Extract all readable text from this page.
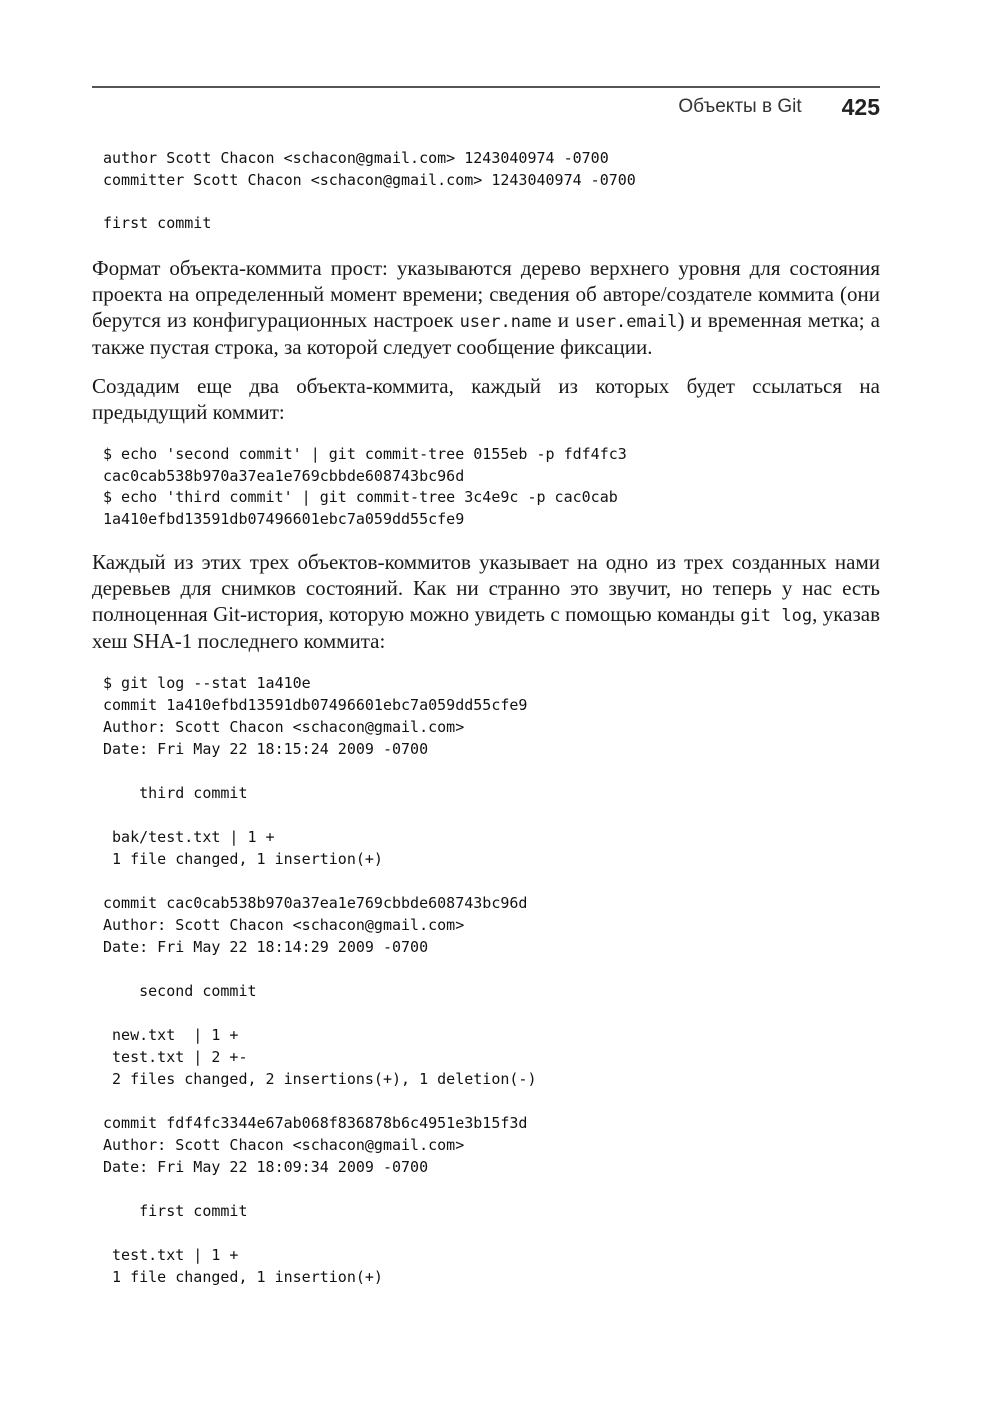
Объекты в Git 425
author Scott Chacon <schacon@gmail.com> 1243040974 -0700
committer Scott Chacon <schacon@gmail.com> 1243040974 -0700

first commit

Формат объекта-коммита прост: указываются дерево верхнего уровня для состояния проекта на определенный момент времени; сведения об авторе/создателе коммита (они берутся из конфигурационных настроек user.name и user.email) и временная метка; а также пустая строка, за которой следует сообщение фиксации.

Создадим еще два объекта-коммита, каждый из которых будет ссылаться на предыдущий коммит:

$ echo 'second commit' | git commit-tree 0155eb -p fdf4fc3
cac0cab538b970a37ea1e769cbbde608743bc96d
$ echo 'third commit' | git commit-tree 3c4e9c -p cac0cab
1a410efbd13591db07496601ebc7a059dd55cfe9

Каждый из этих трех объектов-коммитов указывает на одно из трех созданных нами деревьев для снимков состояний. Как ни странно это звучит, но теперь у нас есть полноценная Git-история, которую можно увидеть с помощью команды git log, указав хеш SHA-1 последнего коммита:

$ git log --stat 1a410e
commit 1a410efbd13591db07496601ebc7a059dd55cfe9
Author: Scott Chacon <schacon@gmail.com>
Date: Fri May 22 18:15:24 2009 -0700

third commit

bak/test.txt | 1 +
1 file changed, 1 insertion(+)

commit cac0cab538b970a37ea1e769cbbde608743bc96d
Author: Scott Chacon <schacon@gmail.com>
Date: Fri May 22 18:14:29 2009 -0700

second commit

new.txt  | 1 +
test.txt | 2 +-
2 files changed, 2 insertions(+), 1 deletion(-)

commit fdf4fc3344e67ab068f836878b6c4951e3b15f3d
Author: Scott Chacon <schacon@gmail.com>
Date: Fri May 22 18:09:34 2009 -0700

first commit

test.txt | 1 +
1 file changed, 1 insertion(+)
